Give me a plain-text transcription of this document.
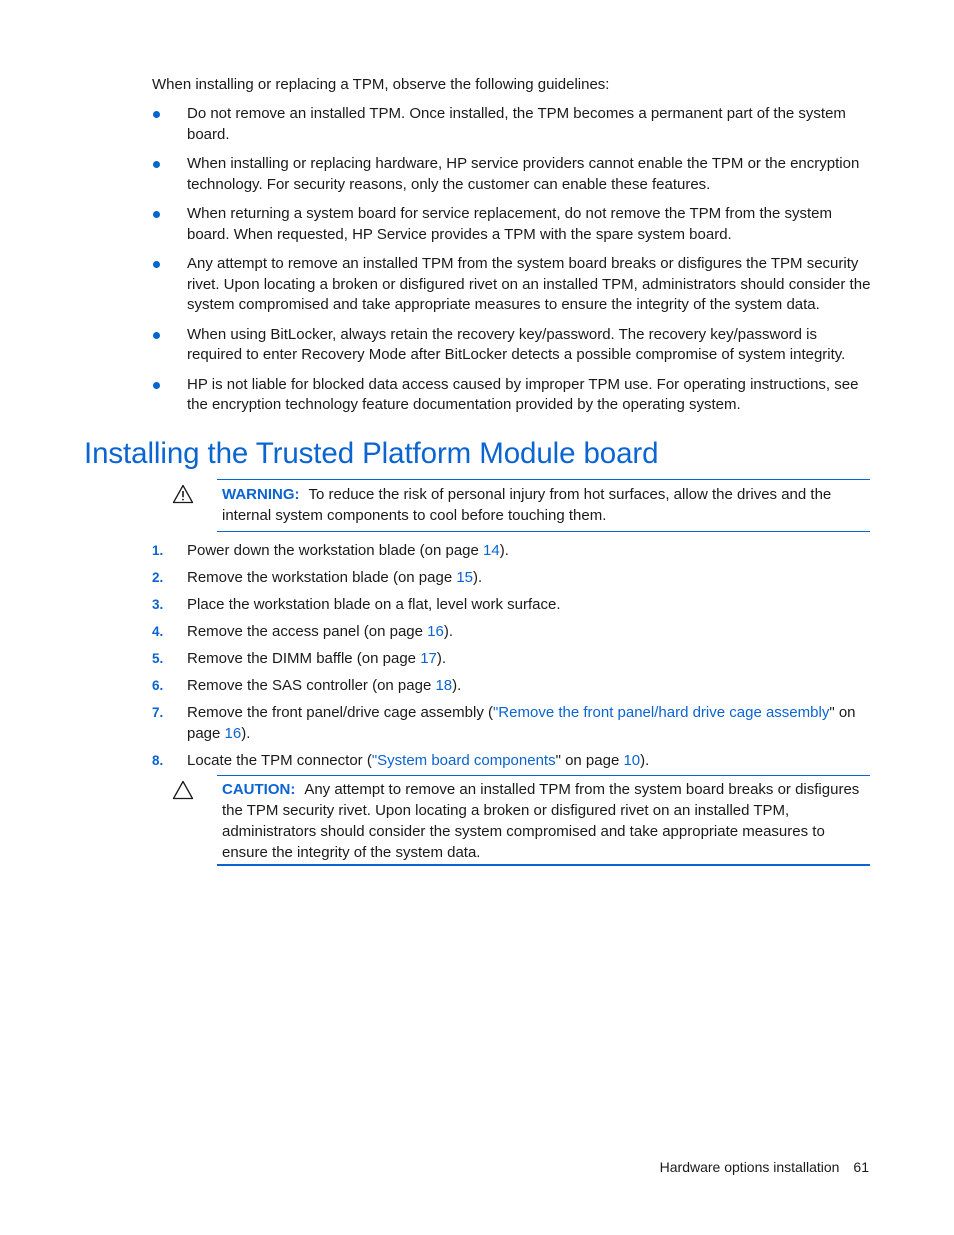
When installing or replacing a TPM, observe the following guidelines:
Do not remove an installed TPM. Once installed, the TPM becomes a permanent part of the system board.
When installing or replacing hardware, HP service providers cannot enable the TPM or the encryption technology. For security reasons, only the customer can enable these features.
When returning a system board for service replacement, do not remove the TPM from the system board. When requested, HP Service provides a TPM with the spare system board.
Any attempt to remove an installed TPM from the system board breaks or disfigures the TPM security rivet. Upon locating a broken or disfigured rivet on an installed TPM, administrators should consider the system compromised and take appropriate measures to ensure the integrity of the system data.
When using BitLocker, always retain the recovery key/password. The recovery key/password is required to enter Recovery Mode after BitLocker detects a possible compromise of system integrity.
HP is not liable for blocked data access caused by improper TPM use. For operating instructions, see the encryption technology feature documentation provided by the operating system.
Installing the Trusted Platform Module board
WARNING: To reduce the risk of personal injury from hot surfaces, allow the drives and the internal system components to cool before touching them.
1. Power down the workstation blade (on page 14).
2. Remove the workstation blade (on page 15).
3. Place the workstation blade on a flat, level work surface.
4. Remove the access panel (on page 16).
5. Remove the DIMM baffle (on page 17).
6. Remove the SAS controller (on page 18).
7. Remove the front panel/drive cage assembly ("Remove the front panel/hard drive cage assembly" on page 16).
8. Locate the TPM connector ("System board components" on page 10).
CAUTION: Any attempt to remove an installed TPM from the system board breaks or disfigures the TPM security rivet. Upon locating a broken or disfigured rivet on an installed TPM, administrators should consider the system compromised and take appropriate measures to ensure the integrity of the system data.
Hardware options installation 61
